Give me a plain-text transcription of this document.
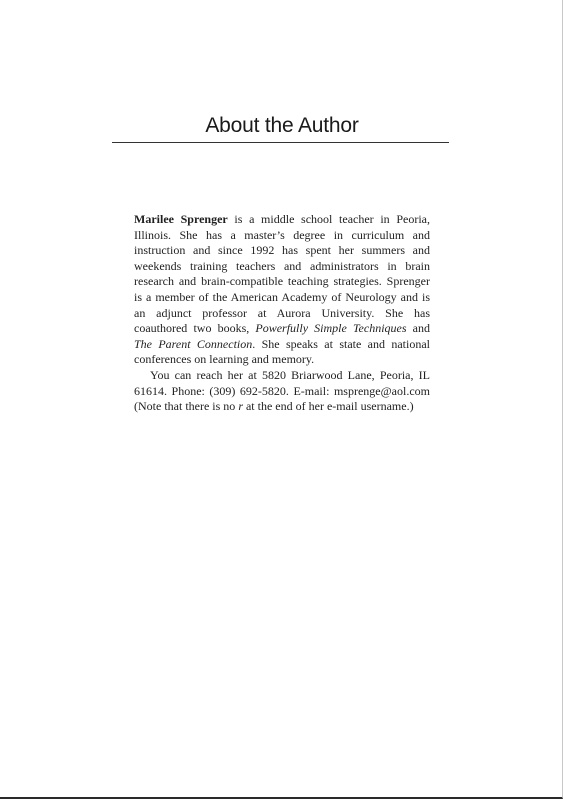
About the Author

Marilee Sprenger is a middle school teacher in Peoria, Illinois. She has a master’s degree in curriculum and instruction and since 1992 has spent her summers and weekends training teachers and administrators in brain research and brain-compatible teaching strategies. Sprenger is a member of the American Academy of Neurology and is an adjunct professor at Aurora University. She has coauthored two books, Powerfully Simple Techniques and The Parent Connection. She speaks at state and national conferences on learning and memory.

You can reach her at 5820 Briarwood Lane, Peoria, IL 61614. Phone: (309) 692-5820. E-mail: msprenge@aol.com (Note that there is no r at the end of her e-mail username.)
